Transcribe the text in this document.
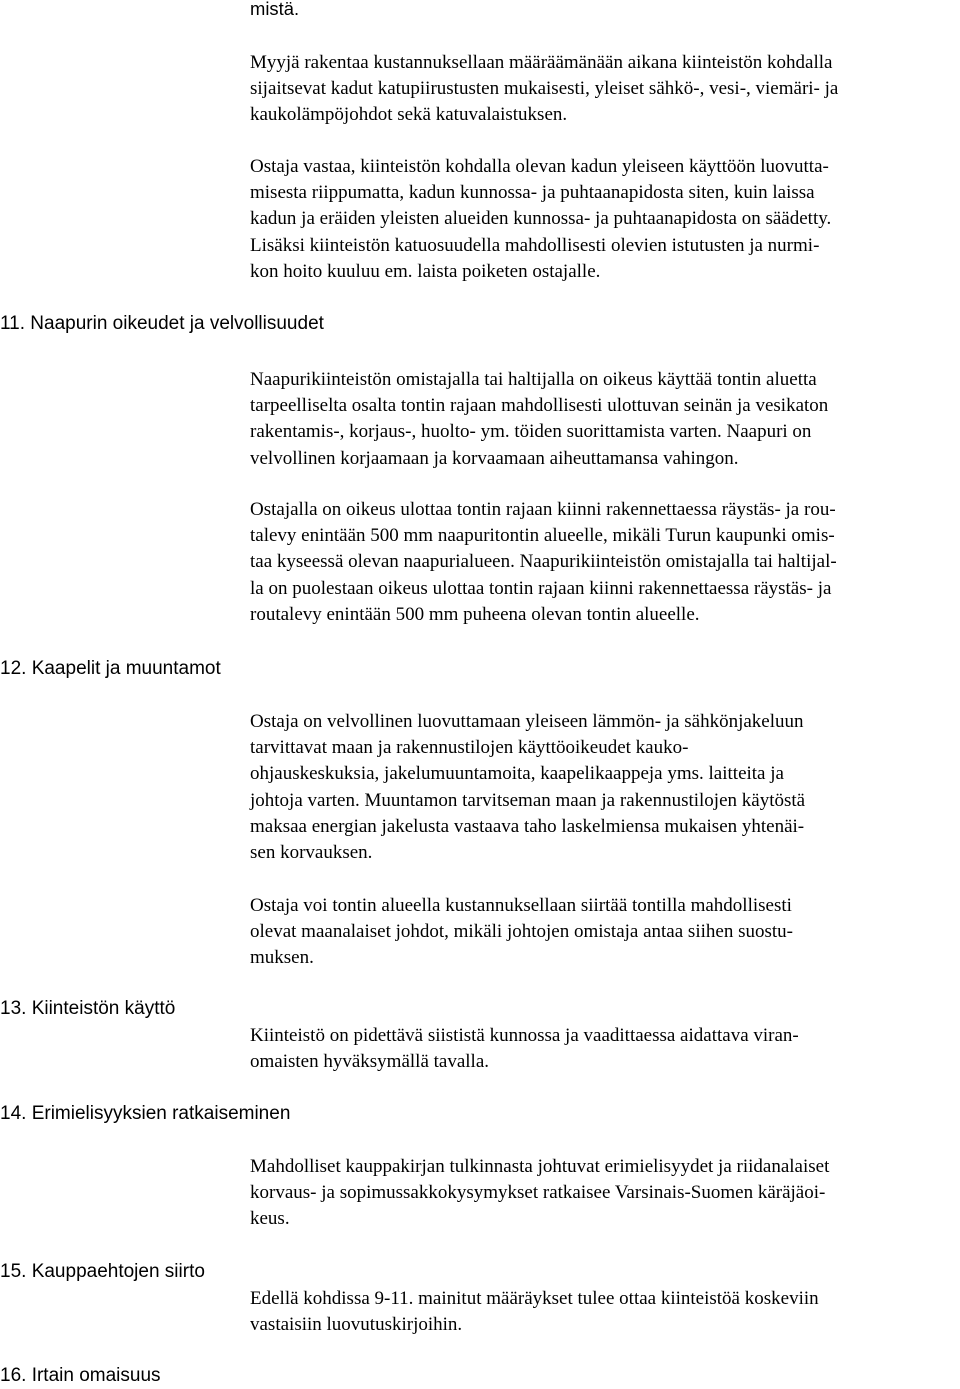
mistä.
Myyjä rakentaa kustannuksellaan määräämänään aikana kiinteistön kohdalla
sijaitsevat kadut katupiirustusten mukaisesti, yleiset sähkö-, vesi-, viemäri- ja
kaukolämpöjohdot sekä katuvalaistuksen.
Ostaja vastaa, kiinteistön kohdalla olevan kadun yleiseen käyttöön luovutta-
misesta riippumatta, kadun kunnossa- ja puhtaanapidosta siten, kuin laissa
kadun ja eräiden yleisten alueiden kunnossa- ja puhtaanapidosta on säädetty.
Lisäksi kiinteistön katuosuudella mahdollisesti olevien istutusten ja nurmi-
kon hoito kuuluu em. laista poiketen ostajalle.
11. Naapurin oikeudet ja velvollisuudet
Naapurikiinteistön omistajalla tai haltijalla on oikeus käyttää tontin aluetta
tarpeelliselta osalta tontin rajaan mahdollisesti ulottuvan seinän ja vesikaton
rakentamis-, korjaus-, huolto- ym. töiden suorittamista varten. Naapuri on
velvollinen korjaamaan ja korvaamaan aiheuttamansa vahingon.
Ostajalla on oikeus ulottaa tontin rajaan kiinni rakennettaessa räystäs- ja rou-
talevy enintään 500 mm naapuritontin alueelle, mikäli Turun kaupunki omis-
taa kyseessä olevan naapurialueen. Naapurikiinteistön omistajalla tai haltijal-
la on puolestaan oikeus ulottaa tontin rajaan kiinni rakennettaessa räystäs- ja
routalevy enintään 500 mm puheena olevan tontin alueelle.
12. Kaapelit ja muuntamot
Ostaja on velvollinen luovuttamaan yleiseen lämmön- ja sähkönjakeluun
tarvittavat maan ja rakennustilojen käyttöoikeudet kauko-
ohjauskeskuksia, jakelumuuntamoita, kaapelikaappeja yms. laitteita ja
johtoja varten. Muuntamon tarvitseman maan ja rakennustilojen käytöstä
maksaa energian jakelusta vastaava taho laskelmiensa mukaisen yhtenäi-
sen korvauksen.
Ostaja voi tontin alueella kustannuksellaan siirtää tontilla mahdollisesti
olevat maanalaiset johdot, mikäli johtojen omistaja antaa siihen suostu-
muksen.
13. Kiinteistön käyttö
Kiinteistö on pidettävä siististä kunnossa ja vaadittaessa aidattava viran-
omaisten hyväksymällä tavalla.
14. Erimielisyyksien ratkaiseminen
Mahdolliset kauppakirjan tulkinnasta johtuvat erimielisyydet ja riidanalaiset
korvaus- ja sopimussakkokysymykset ratkaisee Varsinais-Suomen käräjäoi-
keus.
15. Kauppaehtojen siirto
Edellä kohdissa 9-11. mainitut määräykset tulee ottaa kiinteistöä koskeviin
vastaisiin luovutuskirjoihin.
16. Irtain omaisuus
